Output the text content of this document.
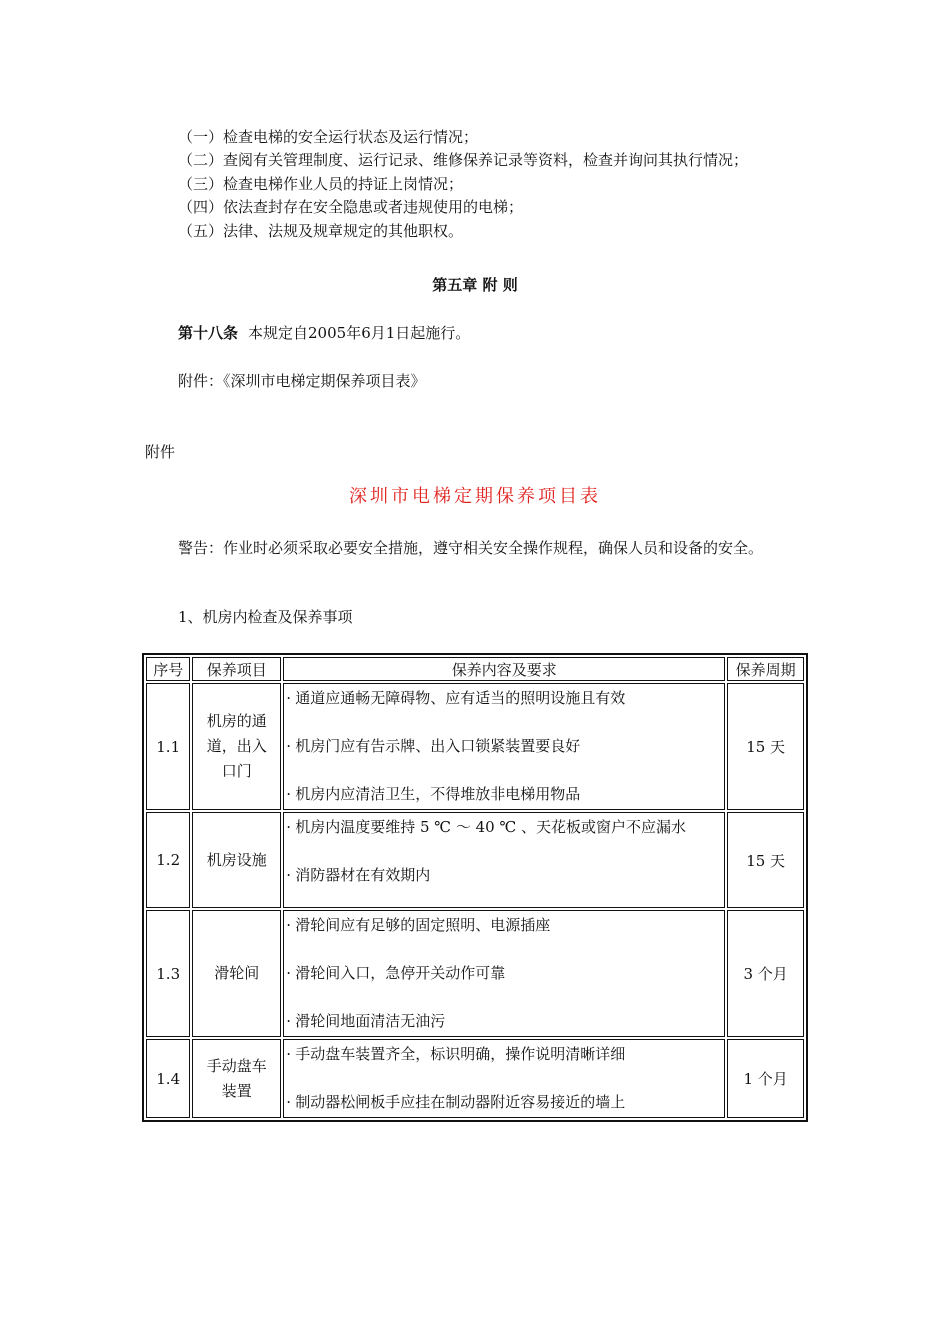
（一）检查电梯的安全运行状态及运行情况；
（二）查阅有关管理制度、运行记录、维修保养记录等资料，检查并询问其执行情况；
（三）检查电梯作业人员的持证上岗情况；
（四）依法查封存在安全隐患或者违规使用的电梯；
（五）法律、法规及规章规定的其他职权。
第五章 附 则
第十八条 本规定自2005年6月1日起施行。
附件：《深圳市电梯定期保养项目表》
附件
深圳市电梯定期保养项目表
警告：作业时必须采取必要安全措施，遵守相关安全操作规程，确保人员和设备的安全。
1、机房内检查及保养事项
序号	保养项目	保养内容及要求	保养周期
1.1	机房的通道，出入口门	· 通道应通畅无障碍物、应有适当的照明设施且有效
· 机房门应有告示牌、出入口锁紧装置要良好
· 机房内应清洁卫生，不得堆放非电梯用物品	15 天
1.2	机房设施	· 机房内温度要维持 5 ℃ ～ 40 ℃ 、天花板或窗户不应漏水
· 消防器材在有效期内	15 天
1.3	滑轮间	· 滑轮间应有足够的固定照明、电源插座
· 滑轮间入口，急停开关动作可靠
· 滑轮间地面清洁无油污	3 个月
1.4	手动盘车装置	· 手动盘车装置齐全，标识明确，操作说明清晰详细
· 制动器松闸板手应挂在制动器附近容易接近的墙上	1 个月
